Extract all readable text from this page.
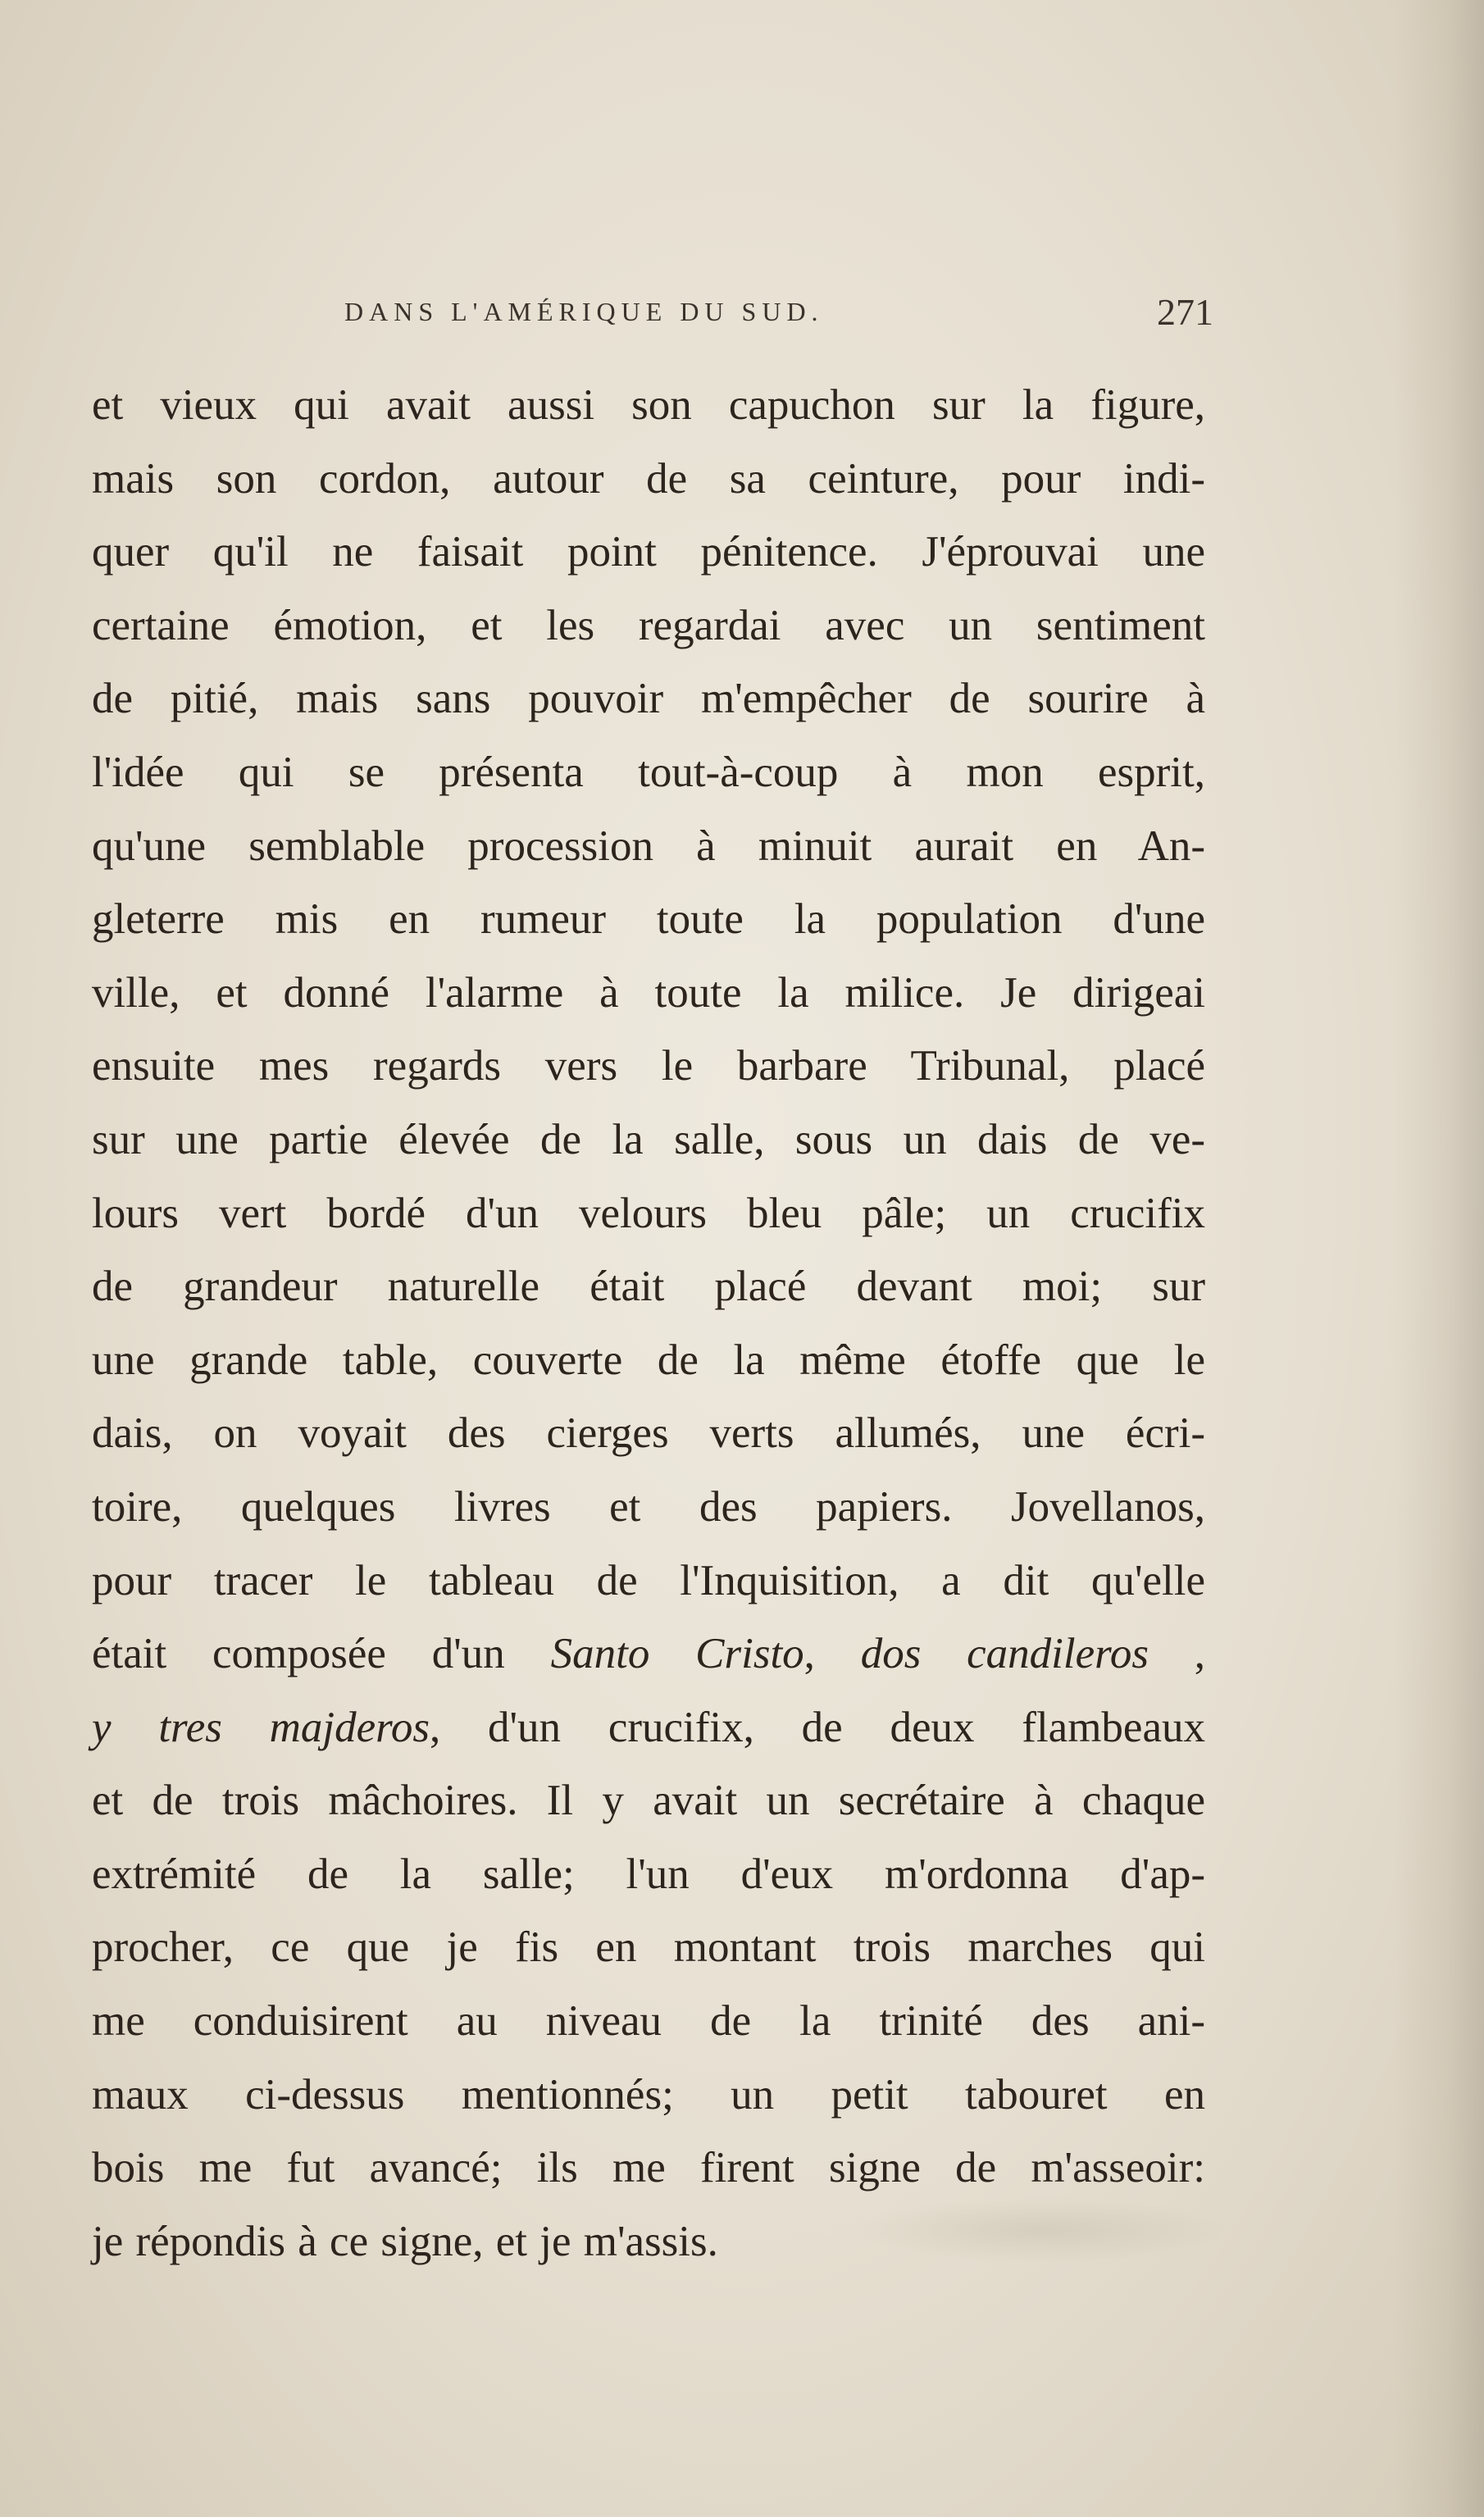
DANS L'AMÉRIQUE DU SUD.	271
et vieux qui avait aussi son capuchon sur la figure,
mais son cordon, autour de sa ceinture, pour indi-
quer qu'il ne faisait point pénitence. J'éprouvai une
certaine émotion, et les regardai avec un sentiment
de pitié, mais sans pouvoir m'empêcher de sourire à
l'idée qui se présenta tout-à-coup à mon esprit,
qu'une semblable procession à minuit aurait en An-
gleterre mis en rumeur toute la population d'une
ville, et donné l'alarme à toute la milice. Je dirigeai
ensuite mes regards vers le barbare Tribunal, placé
sur une partie élevée de la salle, sous un dais de ve-
lours vert bordé d'un velours bleu pâle; un crucifix
de grandeur naturelle était placé devant moi; sur
une grande table, couverte de la même étoffe que le
dais, on voyait des cierges verts allumés, une écri-
toire, quelques livres et des papiers. Jovellanos,
pour tracer le tableau de l'Inquisition, a dit qu'elle
était composée d'un Santo Cristo, dos candileros ,
y tres majderos, d'un crucifix, de deux flambeaux
et de trois mâchoires. Il y avait un secrétaire à chaque
extrémité de la salle; l'un d'eux m'ordonna d'ap-
procher, ce que je fis en montant trois marches qui
me conduisirent au niveau de la trinité des ani-
maux ci-dessus mentionnés; un petit tabouret en
bois me fut avancé; ils me firent signe de m'asseoir:
je répondis à ce signe, et je m'assis.
